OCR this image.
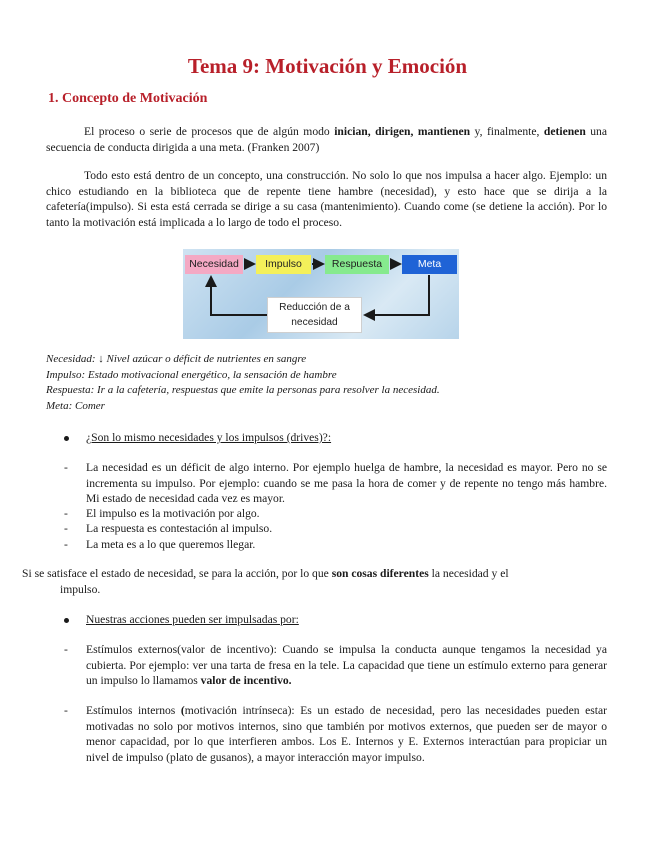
Tema 9: Motivación y Emoción
1. Concepto de Motivación

El proceso o serie de procesos que de algún modo inician, dirigen, mantienen y, finalmente, detienen una secuencia de conducta dirigida a una meta. (Franken 2007)

Todo esto está dentro de un concepto, una construcción. No solo lo que nos impulsa a hacer algo. Ejemplo: un chico estudiando en la biblioteca que de repente tiene hambre (necesidad), y esto hace que se dirija a la cafetería(impulso). Si esta está cerrada se dirige a su casa (mantenimiento). Cuando come (se detiene la acción). Por lo tanto la motivación está implicada a lo largo de todo el proceso.

Necesidad	Impulso	Respuesta	Meta
Reducción de a
necesidad
Necesidad: ↓ Nivel azúcar o déficit de nutrientes en sangre
Impulso: Estado motivacional energético, la sensación de hambre
Respuesta: Ir a la cafetería, respuestas que emite la personas para resolver la necesidad.
Meta: Comer
¿Son lo mismo necesidades y los impulsos (drives)?:
- La necesidad es un déficit de algo interno. Por ejemplo huelga de hambre, la necesidad es mayor. Pero no se incrementa su impulso. Por ejemplo: cuando se me pasa la hora de comer y de repente no tengo más hambre. Mi estado de necesidad cada vez es mayor.
- El impulso es la motivación por algo.
- La respuesta es contestación al impulso.
- La meta es a lo que queremos llegar.
Si se satisface el estado de necesidad, se para la acción, por lo que son cosas diferentes la necesidad y el
impulso.
Nuestras acciones pueden ser impulsadas por:
- Estímulos externos(valor de incentivo): Cuando se impulsa la conducta aunque tengamos la necesidad ya cubierta. Por ejemplo: ver una tarta de fresa en la tele. La capacidad que tiene un estímulo externo para generar un impulso lo llamamos valor de incentivo.
- Estímulos internos (motivación intrínseca): Es un estado de necesidad, pero las necesidades pueden estar motivadas no solo por motivos internos, sino que también por motivos externos, que pueden ser de mayor o menor capacidad, por lo que interfieren ambos. Los E. Internos y E. Externos interactúan para propiciar un nivel de impulso (plato de gusanos), a mayor interacción mayor impulso.
